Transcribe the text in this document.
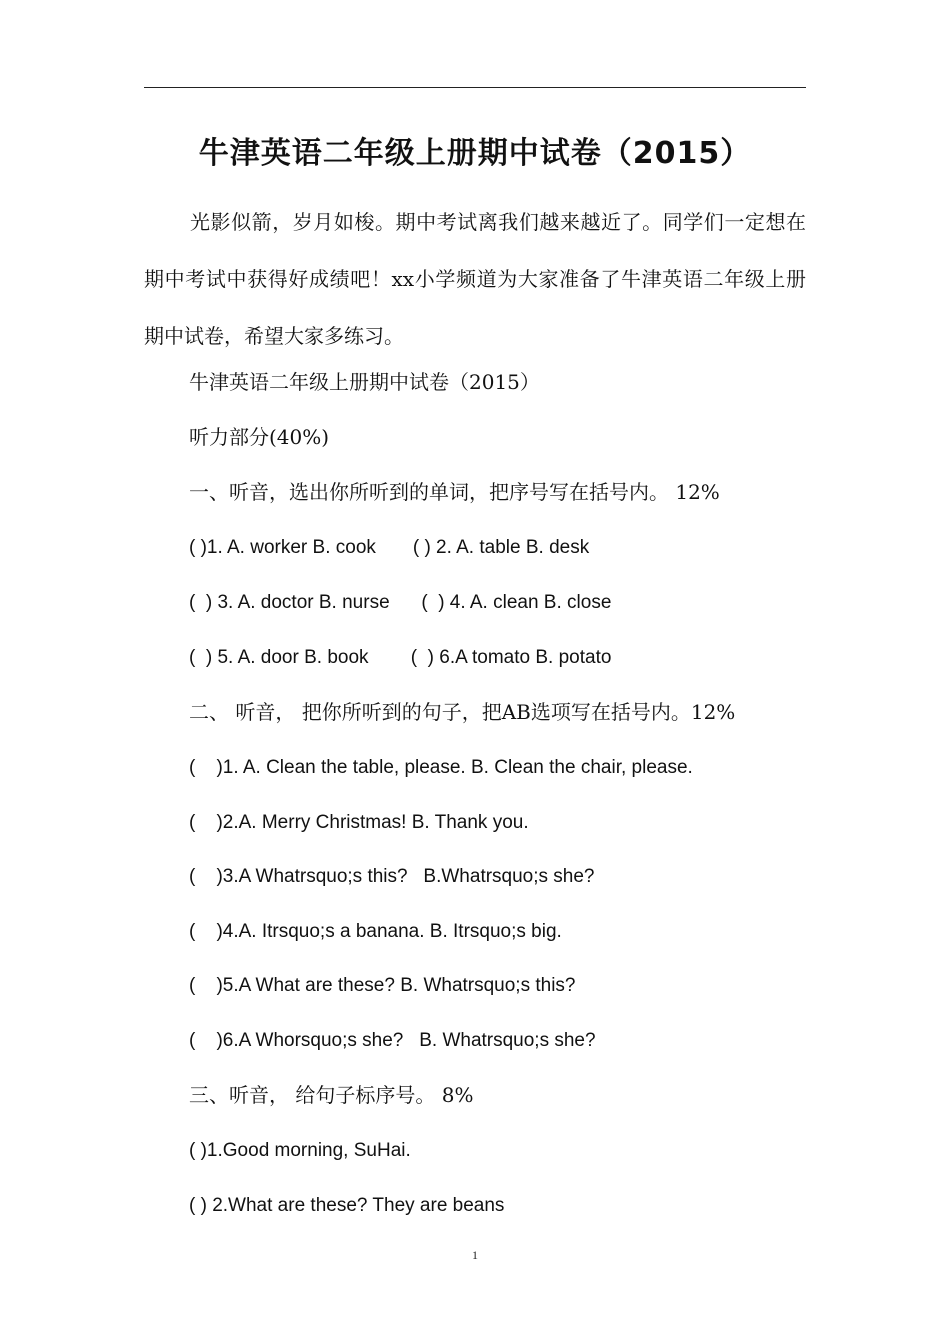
牛津英语二年级上册期中试卷（2015）
光影似箭，岁月如梭。期中考试离我们越来越近了。同学们一定想在期中考试中获得好成绩吧！xx小学频道为大家准备了牛津英语二年级上册期中试卷，希望大家多练习。
牛津英语二年级上册期中试卷（2015）
听力部分(40%)
一、听音，选出你所听到的单词，把序号写在括号内。 12%
( )1. A. worker B. cook       ( ) 2. A. table B. desk
(  ) 3. A. doctor B. nurse      (  ) 4. A. clean B. close
(  ) 5. A. door B. book        (  ) 6.A tomato B. potato
二、 听音， 把你所听到的句子，把AB选项写在括号内。12%
(    )1. A. Clean the table, please. B. Clean the chair, please.
(    )2.A. Merry Christmas! B. Thank you.
(    )3.A Whatrsquo;s this?   B.Whatrsquo;s she?
(    )4.A. Itrsquo;s a banana. B. Itrsquo;s big.
(    )5.A What are these? B. Whatrsquo;s this?
(    )6.A Whorsquo;s she?   B. Whatrsquo;s she?
三、听音， 给句子标序号。 8%
( )1.Good morning, SuHai.
( ) 2.What are these? They are beans
1
